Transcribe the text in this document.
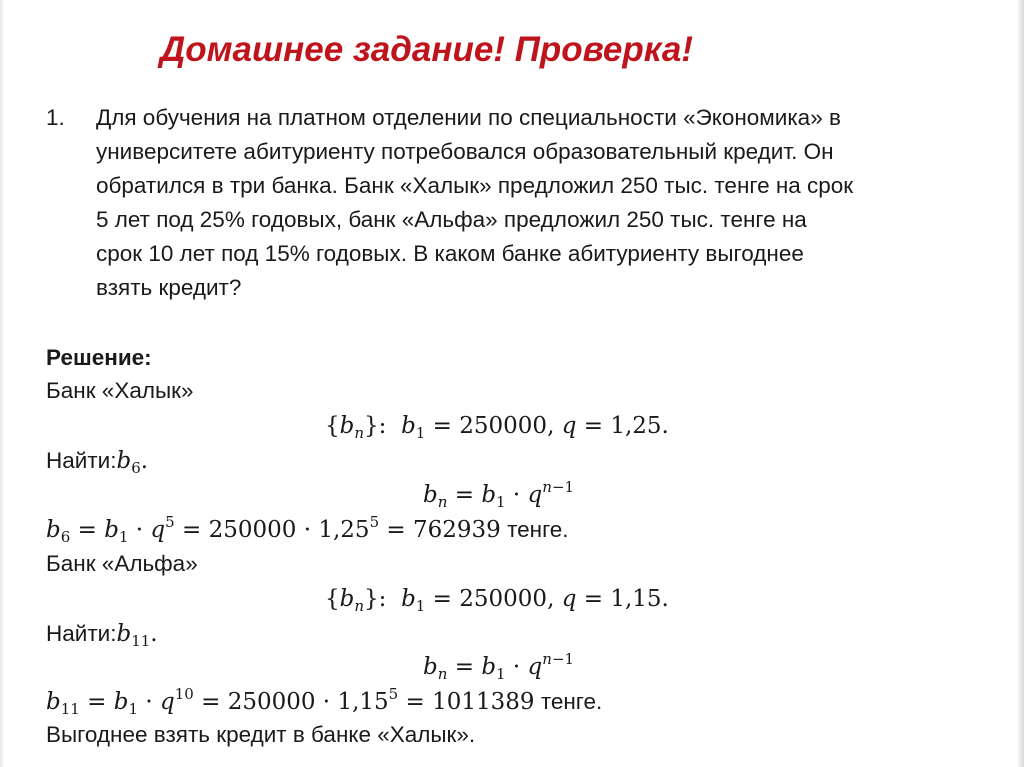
Домашнее задание! Проверка!
1.	Для обучения на платном отделении по специальности «Экономика» в
университете абитуриенту потребовался образовательный кредит. Он
обратился в три банка. Банк «Халык» предложил 250 тыс. тенге на срок
5 лет под 25% годовых, банк «Альфа» предложил 250 тыс. тенге на
срок 10 лет под 15% годовых. В каком банке абитуриенту выгоднее
взять кредит?
Решение:
Банк «Халык»
$\{b_n\}$:  $b_1 = 250000$, q = 1,25.
$Найти:b_6$.
$b_n = b_1 \cdot q^{n-1}$
$b_6 = b_1 \cdot q^5 = 250000 \cdot 1,25^5 = 762939$ тенге.
Банк «Альфа»
$\{b_n\}$:  $b_1 = 250000$, q = 1,15.
$Найти:b_{11}$.
$b_n = b_1 \cdot q^{n-1}$
$b_{11} = b_1 \cdot q^{10} = 250000 \cdot 1,15^5 = 1011389$ тенге.
Выгоднее взять кредит в банке «Халык».
